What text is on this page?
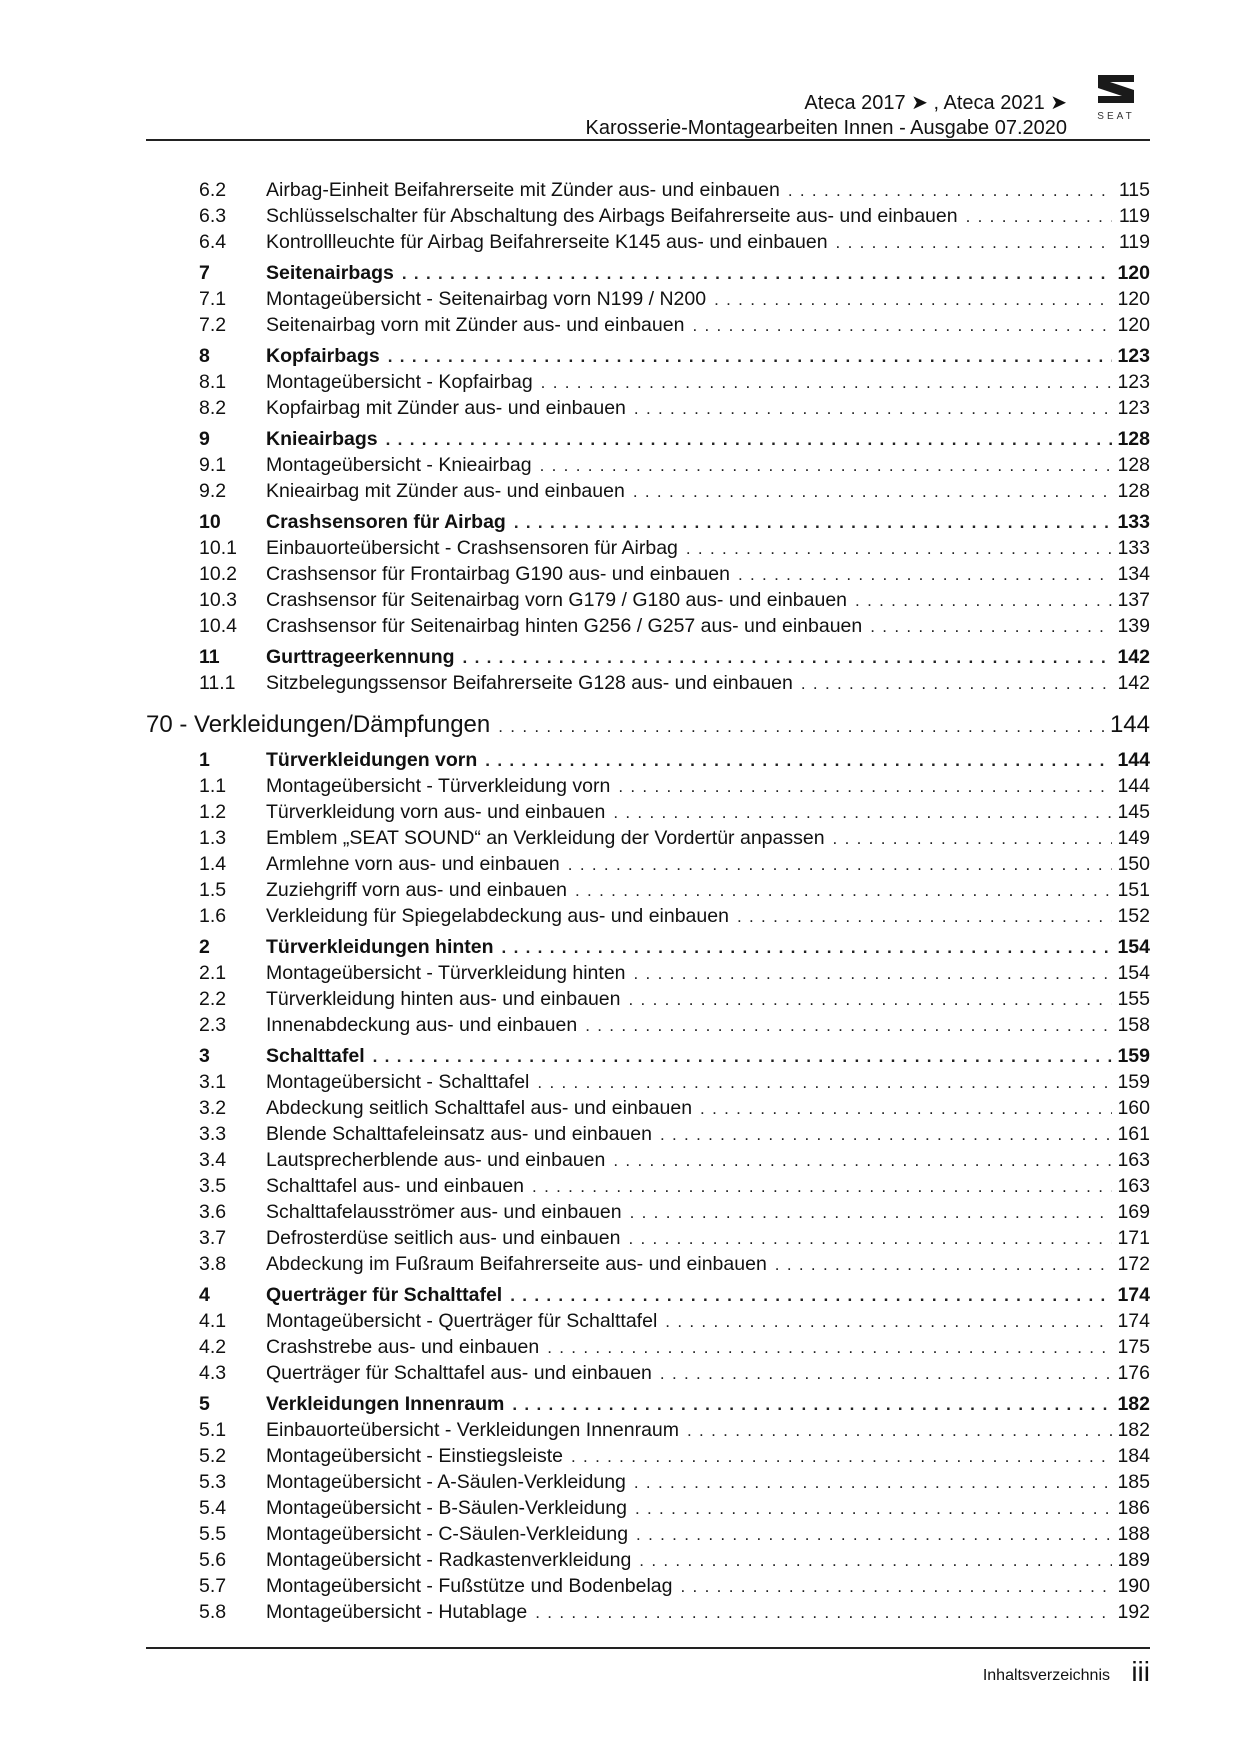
Ateca 2017 ➤ , Ateca 2021 ➤
Karosserie-Montagearbeiten Innen - Ausgabe 07.2020
SEAT
6.2	Airbag-Einheit Beifahrerseite mit Zünder aus- und einbauen . . .	115
6.3	Schlüsselschalter für Abschaltung des Airbags Beifahrerseite aus- und einbauen . . .	119
6.4	Kontrollleuchte für Airbag Beifahrerseite K145 aus- und einbauen . . .	119
7	Seitenairbags . . .	120
7.1	Montageübersicht - Seitenairbag vorn N199 / N200 . . .	120
7.2	Seitenairbag vorn mit Zünder aus- und einbauen . . .	120
8	Kopfairbags . . .	123
8.1	Montageübersicht - Kopfairbag . . .	123
8.2	Kopfairbag mit Zünder aus- und einbauen . . .	123
9	Knieairbags . . .	128
9.1	Montageübersicht - Knieairbag . . .	128
9.2	Knieairbag mit Zünder aus- und einbauen . . .	128
10	Crashsensoren für Airbag . . .	133
10.1	Einbauorteübersicht - Crashsensoren für Airbag . . .	133
10.2	Crashsensor für Frontairbag G190 aus- und einbauen . . .	134
10.3	Crashsensor für Seitenairbag vorn G179 / G180 aus- und einbauen . . .	137
10.4	Crashsensor für Seitenairbag hinten G256 / G257 aus- und einbauen . . .	139
11	Gurttrageerkennung . . .	142
11.1	Sitzbelegungssensor Beifahrerseite G128 aus- und einbauen . . .	142
70 - Verkleidungen/Dämpfungen . . .	144
1	Türverkleidungen vorn . . .	144
1.1	Montageübersicht - Türverkleidung vorn . . .	144
1.2	Türverkleidung vorn aus- und einbauen . . .	145
1.3	Emblem „SEAT SOUND“ an Verkleidung der Vordertür anpassen . . .	149
1.4	Armlehne vorn aus- und einbauen . . .	150
1.5	Zuziehgriff vorn aus- und einbauen . . .	151
1.6	Verkleidung für Spiegelabdeckung aus- und einbauen . . .	152
2	Türverkleidungen hinten . . .	154
2.1	Montageübersicht - Türverkleidung hinten . . .	154
2.2	Türverkleidung hinten aus- und einbauen . . .	155
2.3	Innenabdeckung aus- und einbauen . . .	158
3	Schalttafel . . .	159
3.1	Montageübersicht - Schalttafel . . .	159
3.2	Abdeckung seitlich Schalttafel aus- und einbauen . . .	160
3.3	Blende Schalttafeleinsatz aus- und einbauen . . .	161
3.4	Lautsprecherblende aus- und einbauen . . .	163
3.5	Schalttafel aus- und einbauen . . .	163
3.6	Schalttafelausströmer aus- und einbauen . . .	169
3.7	Defrosterdüse seitlich aus- und einbauen . . .	171
3.8	Abdeckung im Fußraum Beifahrerseite aus- und einbauen . . .	172
4	Querträger für Schalttafel . . .	174
4.1	Montageübersicht - Querträger für Schalttafel . . .	174
4.2	Crashstrebe aus- und einbauen . . .	175
4.3	Querträger für Schalttafel aus- und einbauen . . .	176
5	Verkleidungen Innenraum . . .	182
5.1	Einbauorteübersicht - Verkleidungen Innenraum . . .	182
5.2	Montageübersicht - Einstiegsleiste . . .	184
5.3	Montageübersicht - A-Säulen-Verkleidung . . .	185
5.4	Montageübersicht - B-Säulen-Verkleidung . . .	186
5.5	Montageübersicht - C-Säulen-Verkleidung . . .	188
5.6	Montageübersicht - Radkastenverkleidung . . .	189
5.7	Montageübersicht - Fußstütze und Bodenbelag . . .	190
5.8	Montageübersicht - Hutablage . . .	192
Inhaltsverzeichnis iii
